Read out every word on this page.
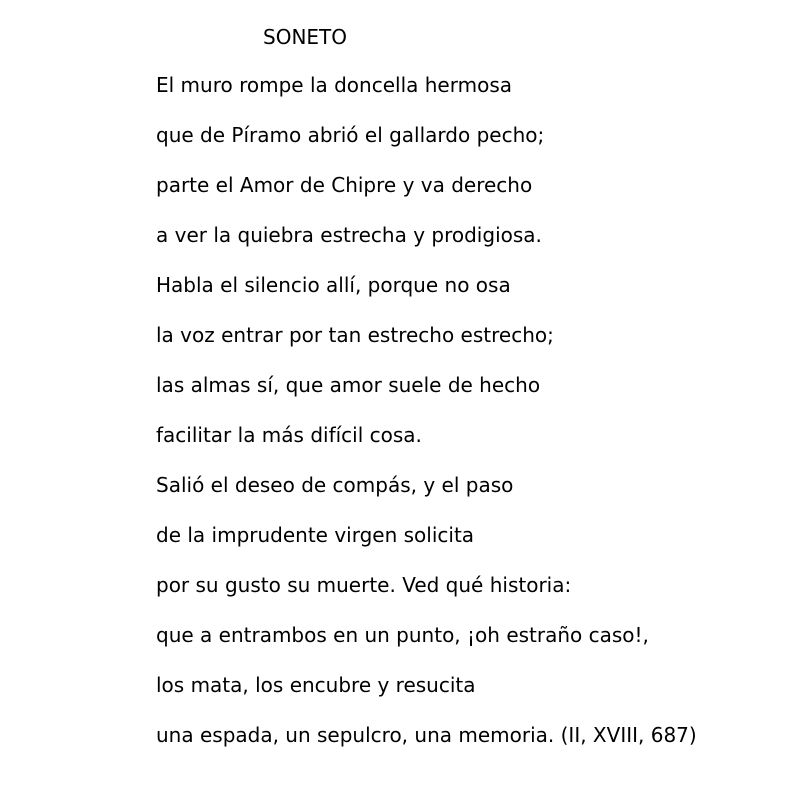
SONETO
El muro rompe la doncella hermosa
que de Píramo abrió el gallardo pecho;
parte el Amor de Chipre y va derecho
a ver la quiebra estrecha y prodigiosa.
Habla el silencio allí, porque no osa
la voz entrar por tan estrecho estrecho;
las almas sí, que amor suele de hecho
facilitar la más difícil cosa.
Salió el deseo de compás, y el paso
de la imprudente virgen solicita
por su gusto su muerte. Ved qué historia:
que a entrambos en un punto, ¡oh estraño caso!,
los mata, los encubre y resucita
una espada, un sepulcro, una memoria. (II, XVIII, 687)
